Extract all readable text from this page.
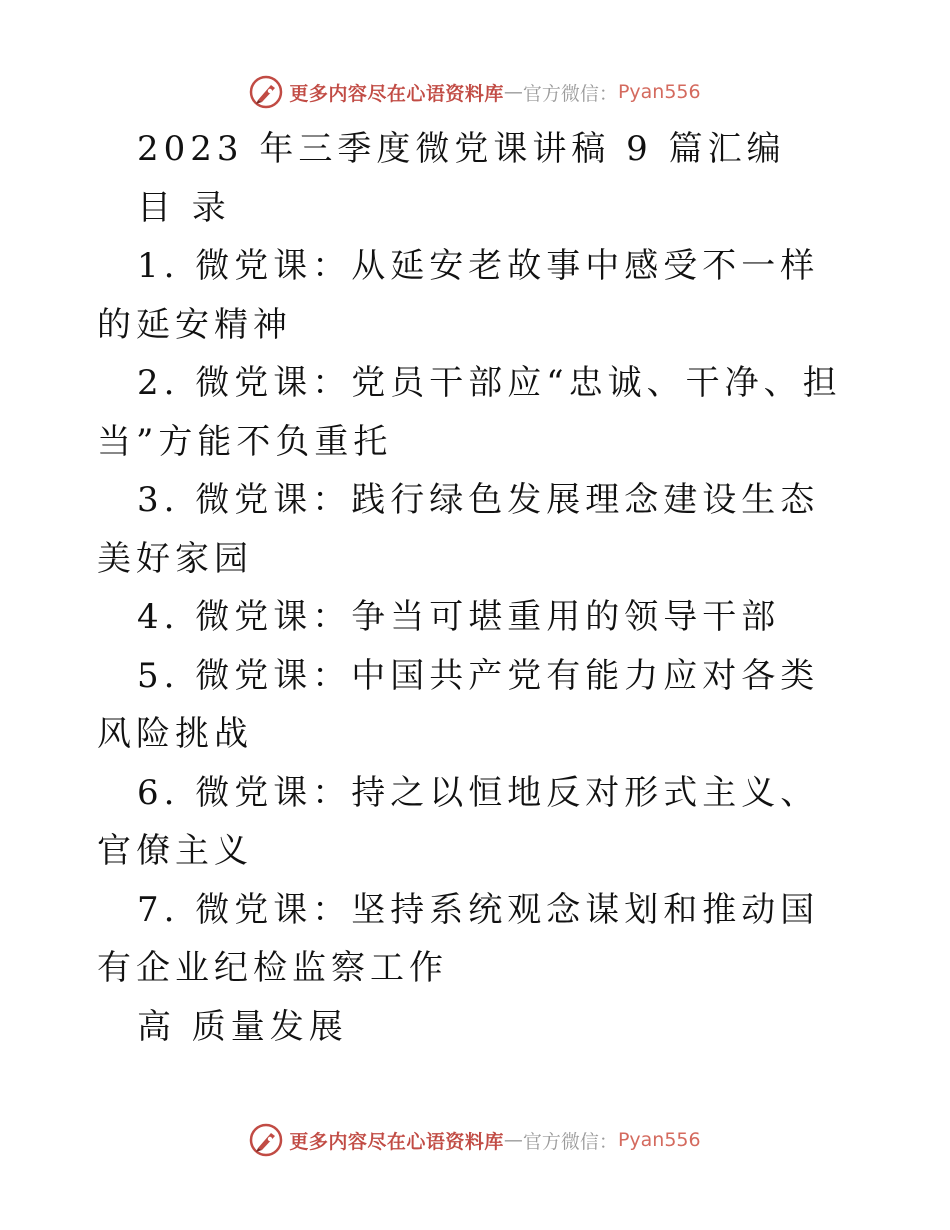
更多内容尽在心语资料库 — 官方微信： Pyan556
2023 年三季度微党课讲稿 9 篇汇编
目 录
1. 微党课：从延安老故事中感受不一样的延安精神
2. 微党课：党员干部应“忠诚、干净、担当”方能不负重托
3. 微党课：践行绿色发展理念建设生态美好家园
4. 微党课：争当可堪重用的领导干部
5. 微党课：中国共产党有能力应对各类风险挑战
6. 微党课：持之以恒地反对形式主义、官僚主义
7. 微党课：坚持系统观念谋划和推动国有企业纪检监察工作
高 质量发展
更多内容尽在心语资料库 — 官方微信： Pyan556
